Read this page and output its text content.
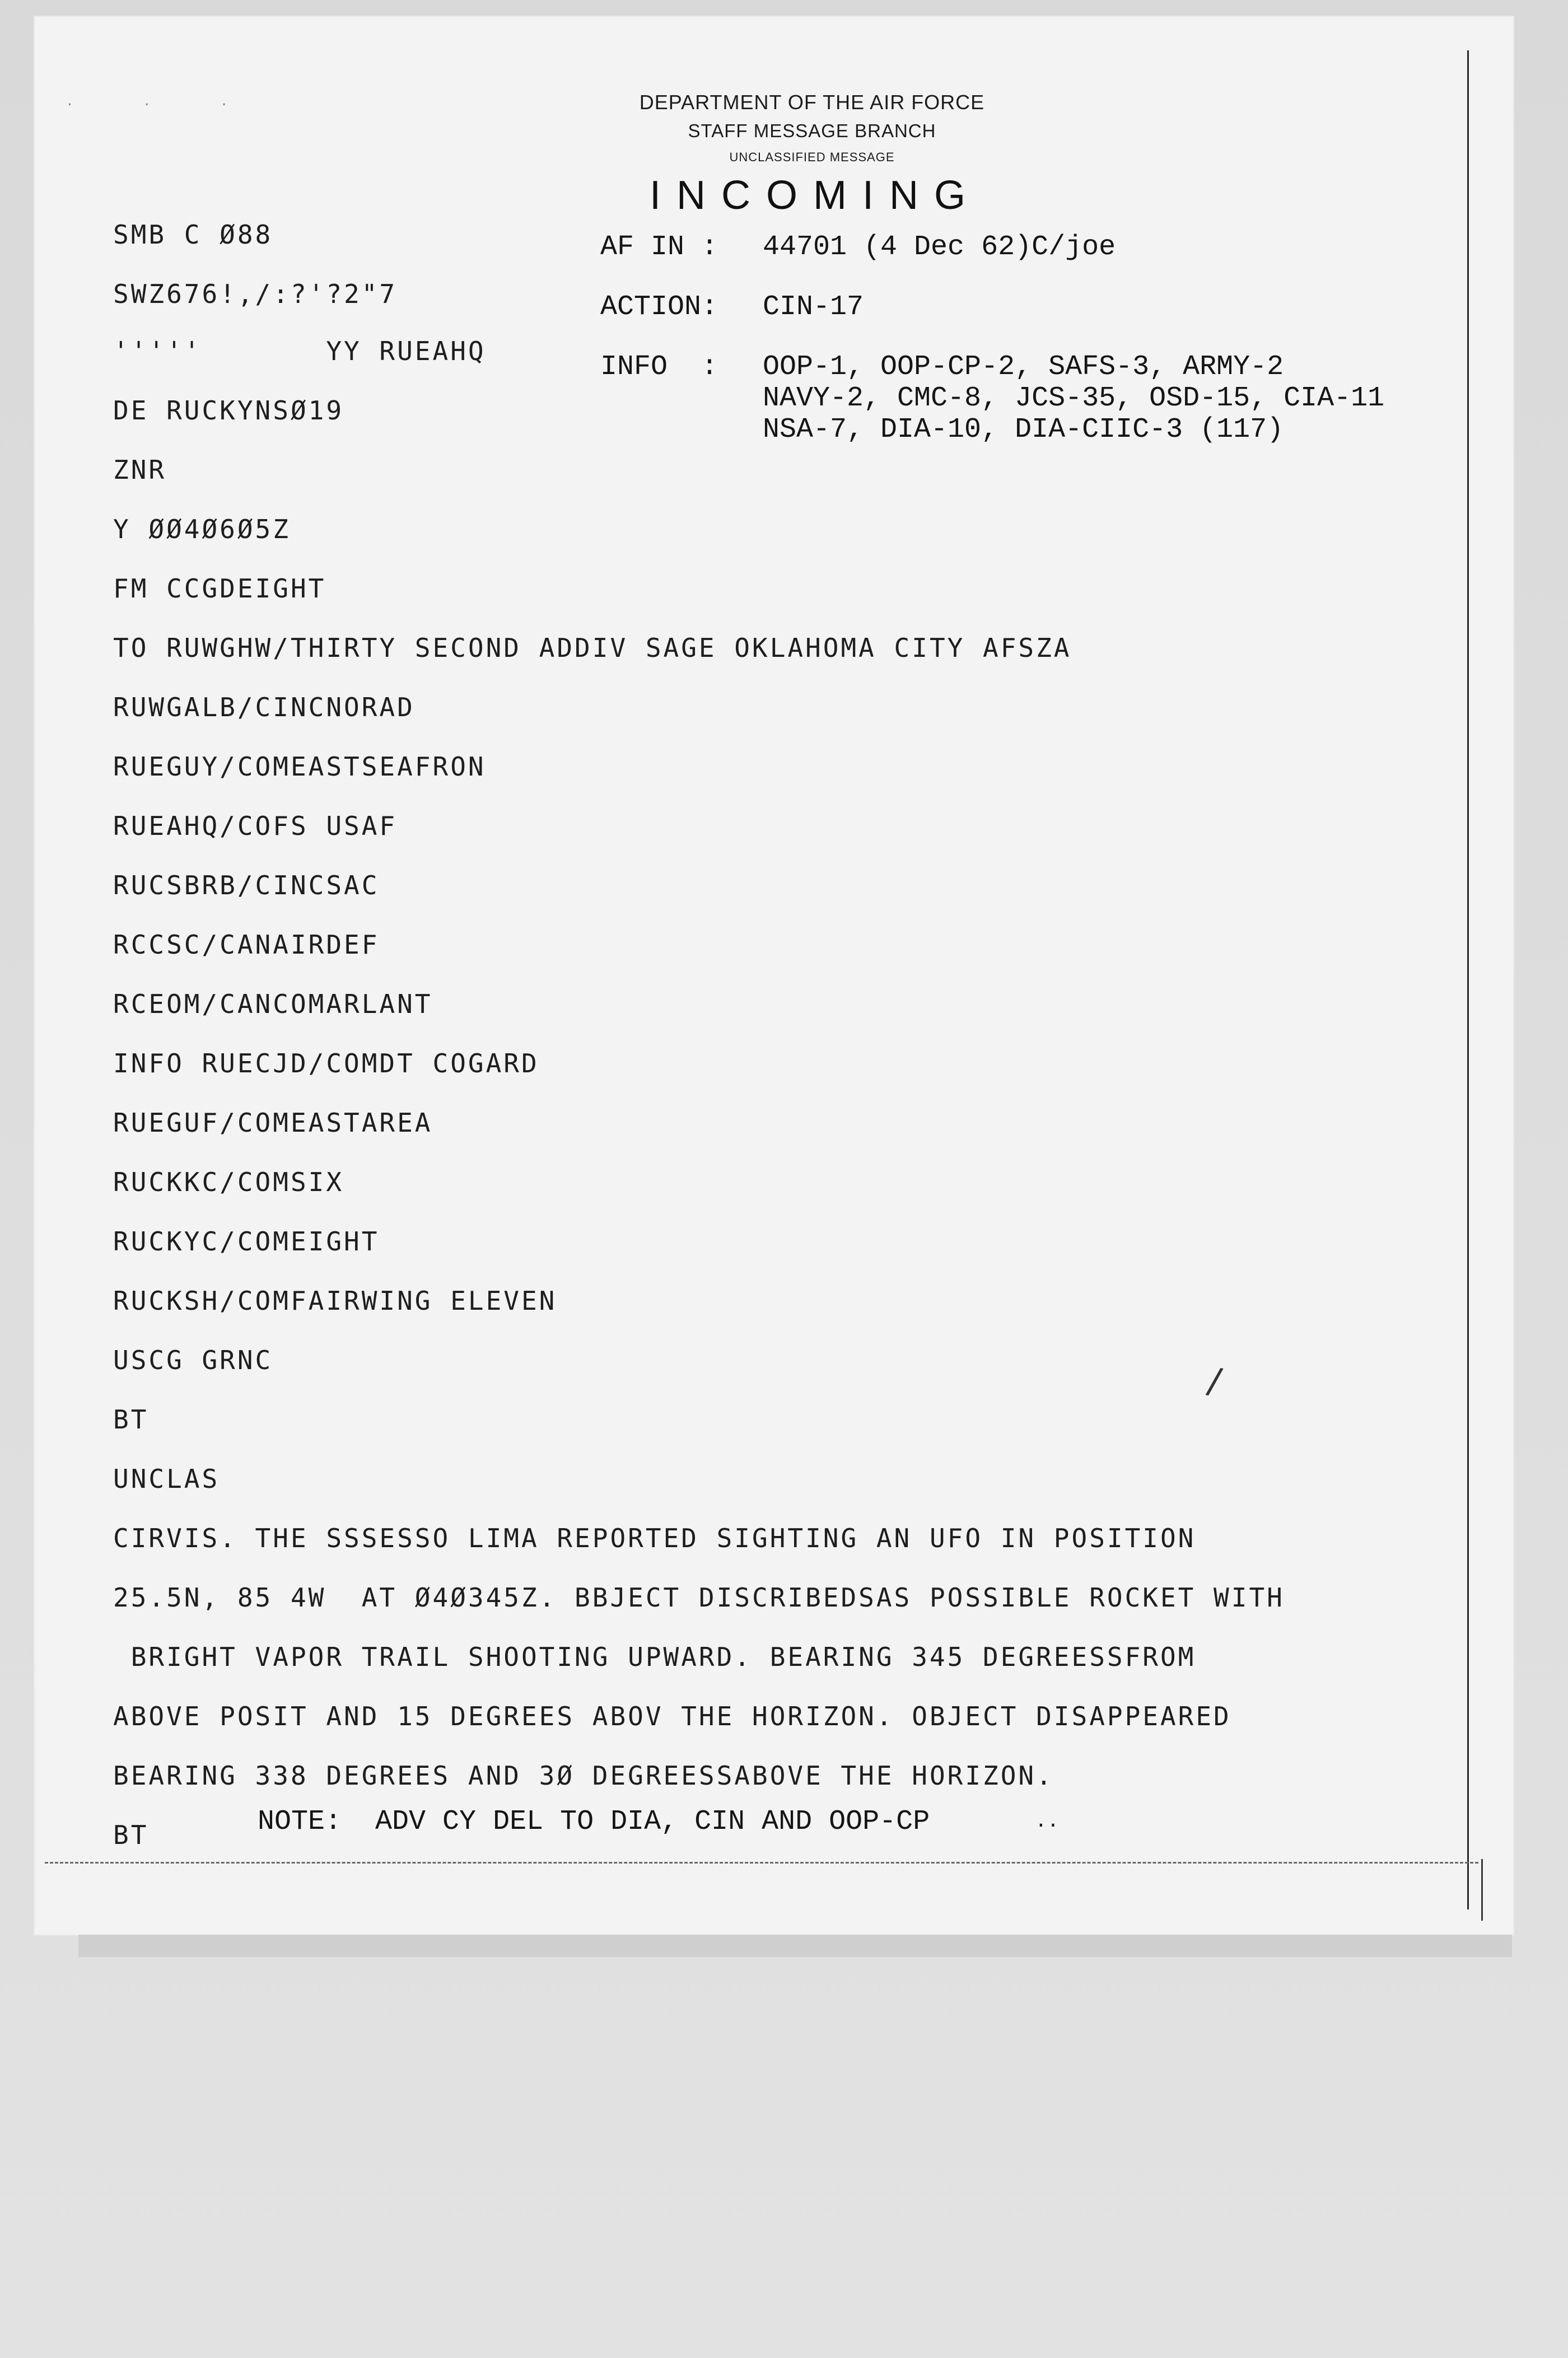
· · ·
/
DEPARTMENT OF THE AIR FORCE
STAFF MESSAGE BRANCH
UNCLASSIFIED MESSAGE
INCOMING
AF IN : 44701 (4 Dec 62)C/joe
ACTION: CIN-17
INFO  : OOP-1, OOP-CP-2, SAFS-3, ARMY-2
NAVY-2, CMC-8, JCS-35, OSD-15, CIA-11
NSA-7, DIA-10, DIA-CIIC-3 (117)
SMB C Ø88
SWZ676!,/:?'?2"7
'''''       YY RUEAHQ
DE RUCKYNSØ19
ZNR
Y ØØ4Ø6Ø5Z
FM CCGDEIGHT
TO RUWGHW/THIRTY SECOND ADDIV SAGE OKLAHOMA CITY AFSZA
RUWGALB/CINCNORAD
RUEGUY/COMEASTSEAFRON
RUEAHQ/COFS USAF
RUCSBRB/CINCSAC
RCCSC/CANAIRDEF
RCEOM/CANCOMARLANT
INFO RUECJD/COMDT COGARD
RUEGUF/COMEASTAREA
RUCKKC/COMSIX
RUCKYC/COMEIGHT
RUCKSH/COMFAIRWING ELEVEN
USCG GRNC
BT
UNCLAS
CIRVIS. THE SSSESSO LIMA REPORTED SIGHTING AN UFO IN POSITION
25.5N, 85 4W  AT Ø4Ø345Z. BBJECT DISCRIBEDSAS POSSIBLE ROCKET WITH
BRIGHT VAPOR TRAIL SHOOTING UPWARD. BEARING 345 DEGREESSFROM
ABOVE POSIT AND 15 DEGREES ABOV THE HORIZON. OBJECT DISAPPEARED
BEARING 338 DEGREES AND 3Ø DEGREESSABOVE THE HORIZON.
BT	NOTE:  ADV CY DEL TO DIA, CIN AND OOP-CP	..
